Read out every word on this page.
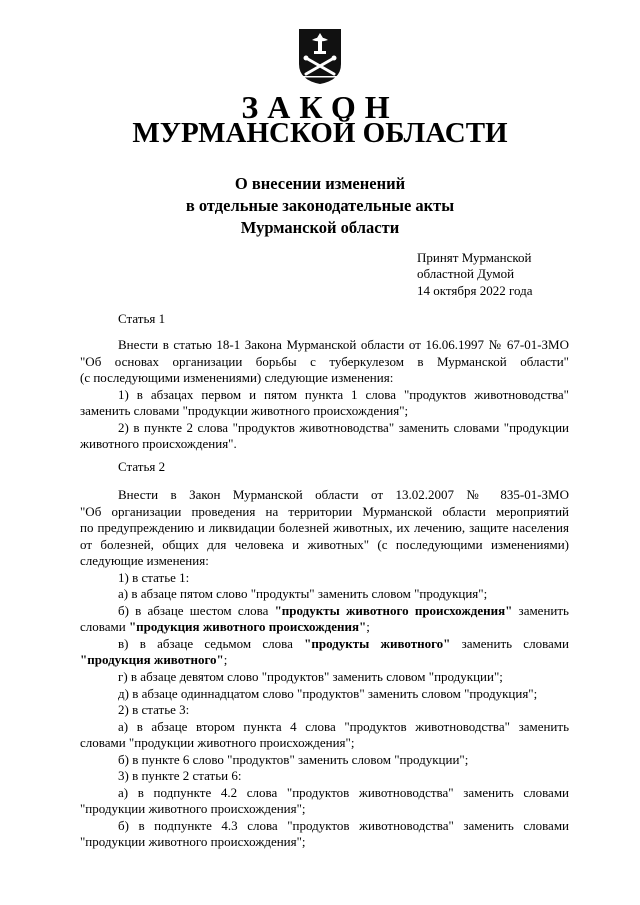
ЗАКОН
МУРМАНСКОЙ ОБЛАСТИ
О внесении изменений
в отдельные законодательные акты
Мурманской области
Принят Мурманской
областной Думой
14 октября 2022 года
Статья 1
Внести в статью 18-1 Закона Мурманской области от 16.06.1997 № 67-01-ЗМО
"Об основах организации борьбы с туберкулезом в Мурманской области"
(с последующими изменениями) следующие изменения:
1) в абзацах первом и пятом пункта 1 слова "продуктов животноводства"
заменить словами "продукции животного происхождения";
2) в пункте 2 слова "продуктов животноводства" заменить словами "продукции
животного происхождения".
Статья 2
Внести в Закон Мурманской области от 13.02.2007 № 835-01-ЗМО
"Об организации проведения на территории Мурманской области мероприятий
по предупреждению и ликвидации болезней животных, их лечению, защите населения
от болезней, общих для человека и животных" (с последующими изменениями)
следующие изменения:
1) в статье 1:
а) в абзаце пятом слово "продукты" заменить словом "продукция";
б) в абзаце шестом слова "продукты животного происхождения" заменить
словами "продукция животного происхождения";
в) в абзаце седьмом слова "продукты животного" заменить словами
"продукция животного";
г) в абзаце девятом слово "продуктов" заменить словом "продукции";
д) в абзаце одиннадцатом слово "продуктов" заменить словом "продукция";
2) в статье 3:
а) в абзаце втором пункта 4 слова "продуктов животноводства" заменить
словами "продукции животного происхождения";
б) в пункте 6 слово "продуктов" заменить словом "продукции";
3) в пункте 2 статьи 6:
а) в подпункте 4.2 слова "продуктов животноводства" заменить словами
"продукции животного происхождения";
б) в подпункте 4.3 слова "продуктов животноводства" заменить словами
"продукции животного происхождения";
